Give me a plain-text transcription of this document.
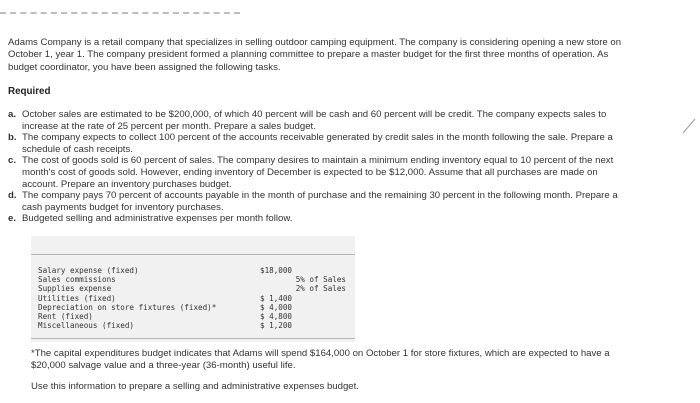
Adams Company is a retail company that specializes in selling outdoor camping equipment. The company is considering opening a new store on October 1, year 1. The company president formed a planning committee to prepare a master budget for the first three months of operation. As budget coordinator, you have been assigned the following tasks.

Required
a. October sales are estimated to be $200,000, of which 40 percent will be cash and 60 percent will be credit. The company expects sales to increase at the rate of 25 percent per month. Prepare a sales budget.
b. The company expects to collect 100 percent of the accounts receivable generated by credit sales in the month following the sale. Prepare a schedule of cash receipts.
c. The cost of goods sold is 60 percent of sales. The company desires to maintain a minimum ending inventory equal to 10 percent of the next month's cost of goods sold. However, ending inventory of December is expected to be $12,000. Assume that all purchases are made on account. Prepare an inventory purchases budget.
d. The company pays 70 percent of accounts payable in the month of purchase and the remaining 30 percent in the following month. Prepare a cash payments budget for inventory purchases.
e. Budgeted selling and administrative expenses per month follow.
Salary expense (fixed)	$18,000
Sales commissions	5% of Sales
Supplies expense	2% of Sales
Utilities (fixed)	$ 1,400
Depreciation on store fixtures (fixed)*	$ 4,000
Rent (fixed)	$ 4,800
Miscellaneous (fixed)	$ 1,200

*The capital expenditures budget indicates that Adams will spend $164,000 on October 1 for store fixtures, which are expected to have a $20,000 salvage value and a three-year (36-month) useful life.

Use this information to prepare a selling and administrative expenses budget.
